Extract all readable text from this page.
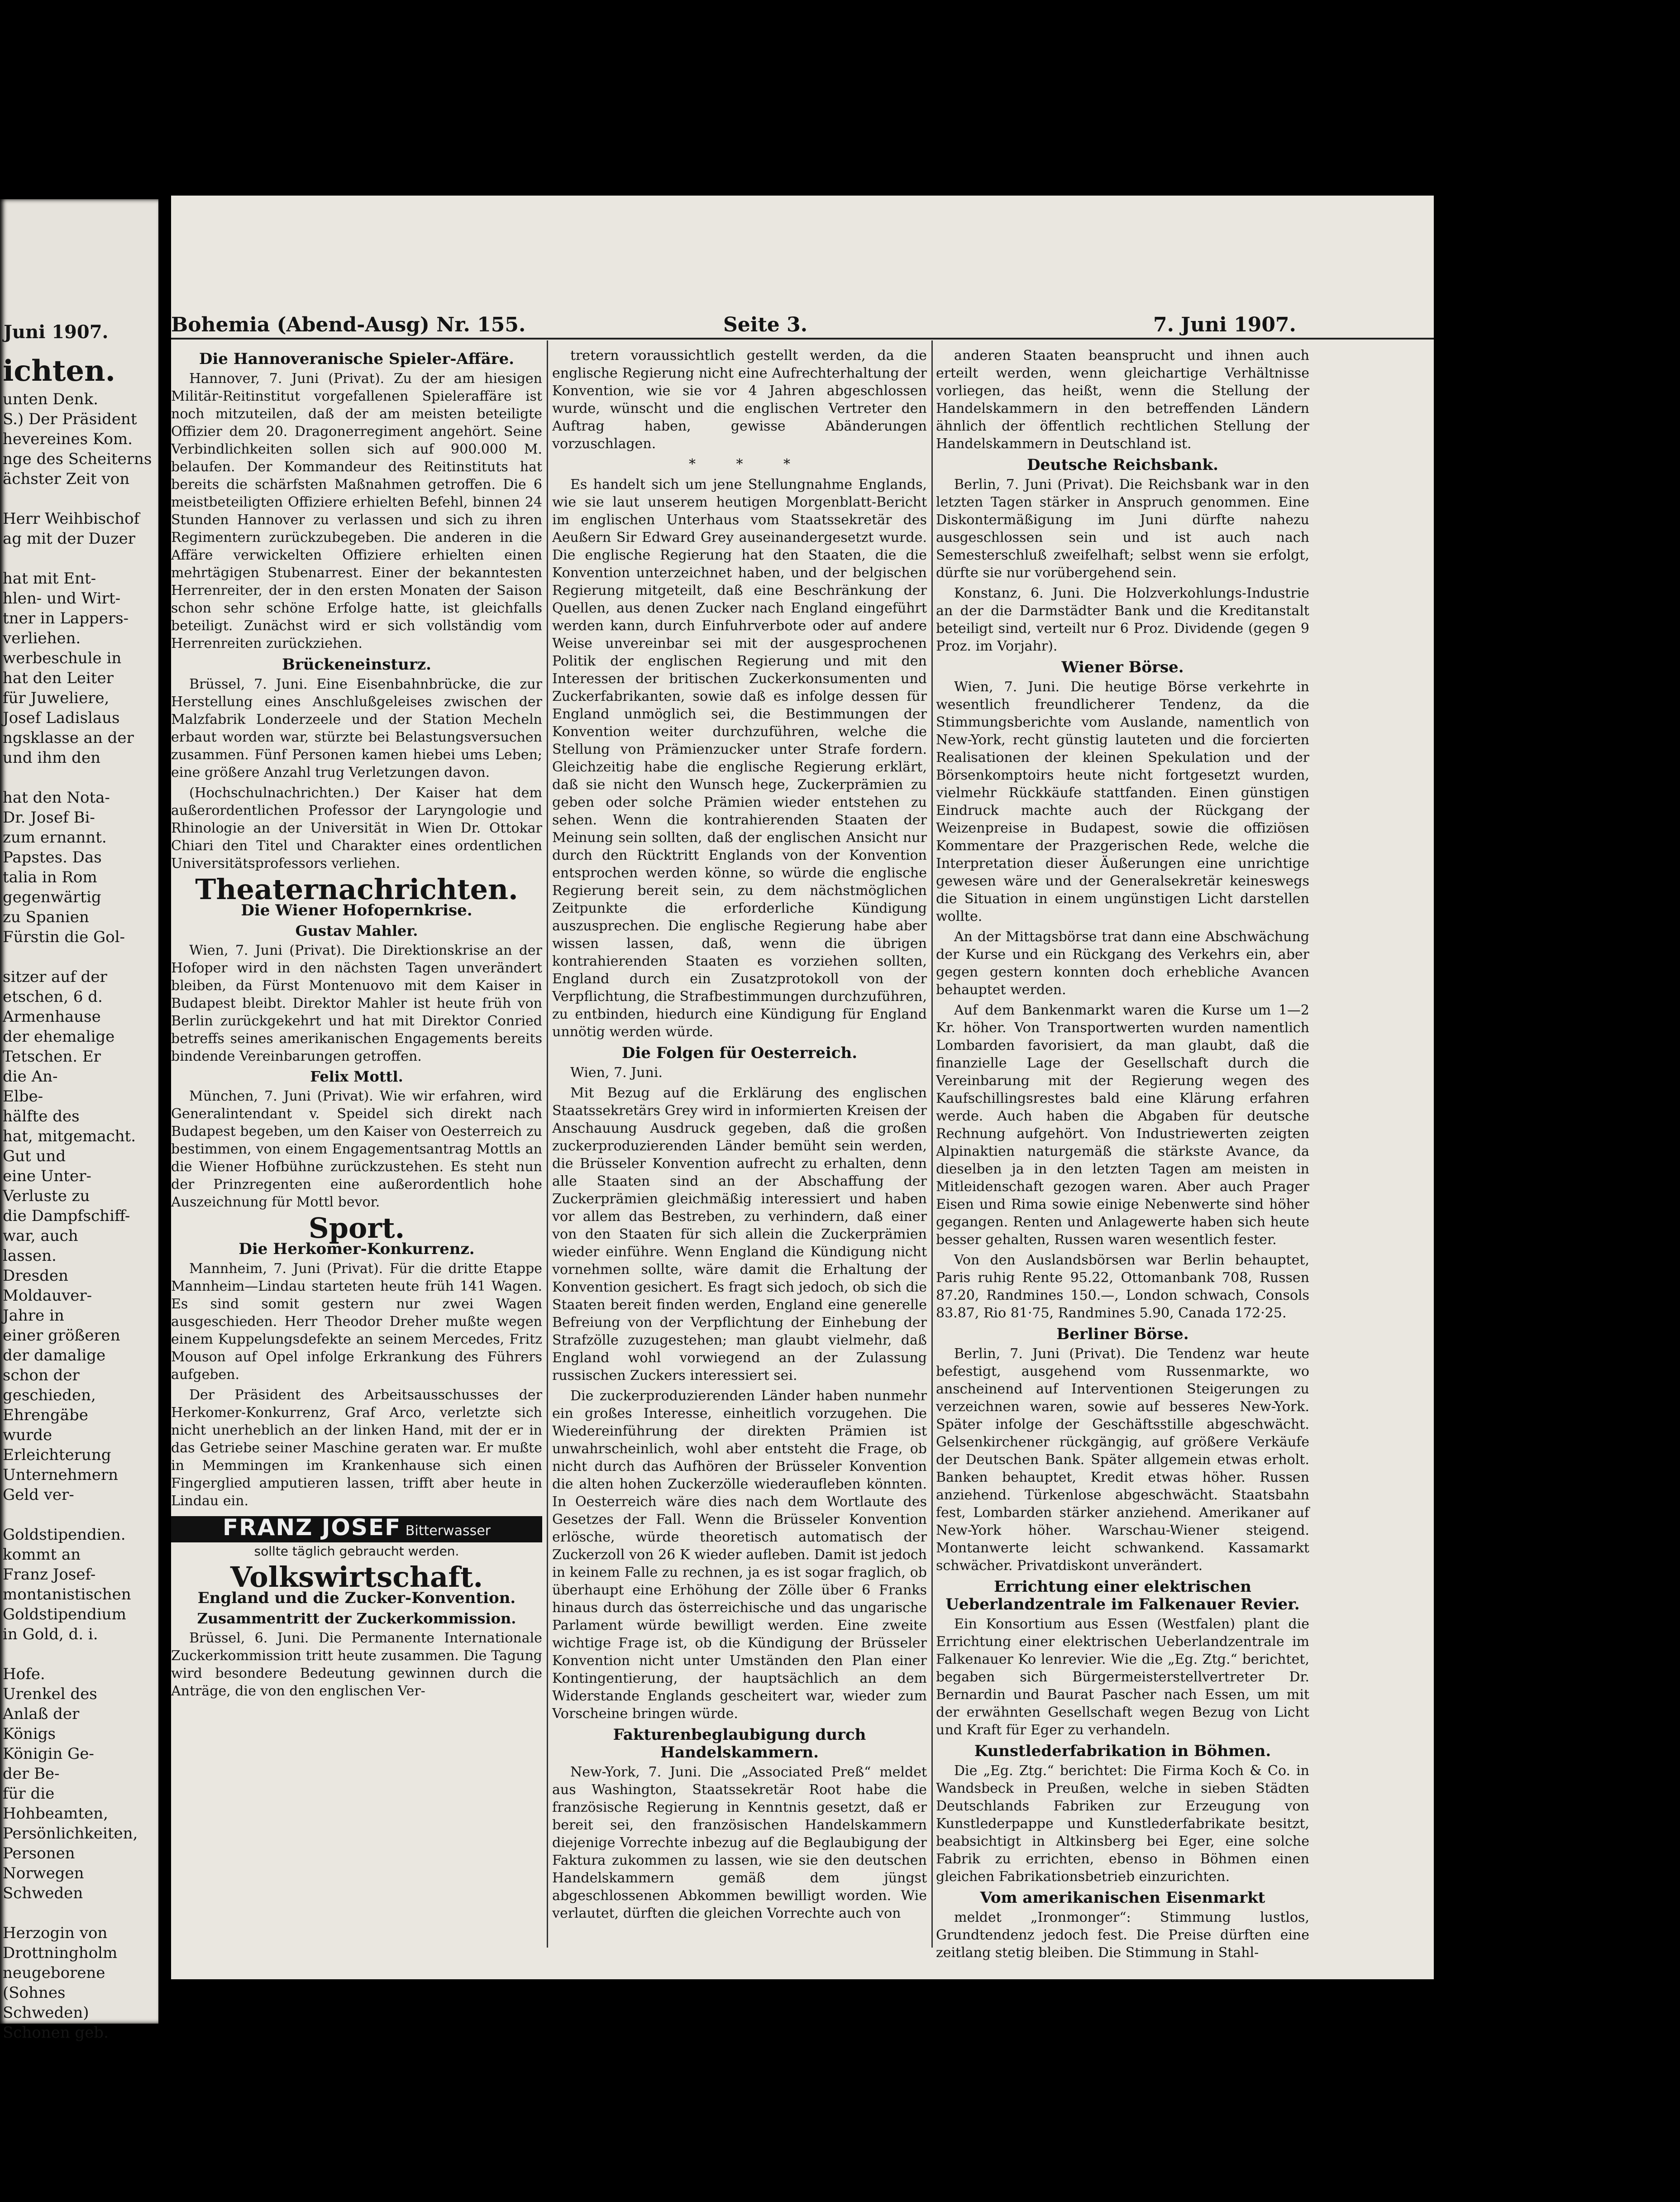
Juni 1907.
ichten.
unten Denk.
S.) Der Präsident
hevereines Kom.
nge des Scheiterns
ächster Zeit von

Herr Weihbischof
ag mit der Duzer

hat mit Ent-
hlen- und Wirt-
tner in Lappers-
verliehen.
werbeschule in
hat den Leiter
für Juweliere,
Josef Ladislaus
ngsklasse an der
und ihm den

hat den Nota-
Dr. Josef Bi-
zum ernannt.
Papstes. Das
talia in Rom
gegenwärtig
zu Spanien
Fürstin die Gol-

sitzer auf der
etschen, 6 d.
Armenhause
der ehemalige
Tetschen. Er
die An-
Elbe-
hälfte des
hat, mitgemacht.
Gut und
eine Unter-
Verluste zu
die Dampfschiff-
war, auch
lassen.
Dresden
Moldauver-
Jahre in
einer größeren
der damalige
schon der
geschieden,
Ehrengäbe
wurde
Erleichterung
Unternehmern
Geld ver-

Goldstipendien.
kommt an
Franz Josef-
montanistischen
Goldstipendium
in Gold, d. i.

Hofe.
Urenkel des
Anlaß der
Königs
Königin Ge-
der Be-
für die
Hohbeamten,
Persönlichkeiten,
Personen
Norwegen
Schweden

Herzogin von
Drottningholm
neugeborene
(Sohnes
Schweden)
Schonen geb.
Bohemia (Abend-Ausg) Nr. 155.	Seite 3.	7. Juni 1907.
Die Hannoveranische Spieler-Affäre.

Hannover, 7. Juni (Privat). Zu der am hiesigen Militär-Reitinstitut vorgefallenen Spieleraffäre ist noch mitzuteilen, daß der am meisten beteiligte Offizier dem 20. Dragonerregiment angehört. Seine Verbindlichkeiten sollen sich auf 900.000 M. belaufen. Der Kommandeur des Reitinstituts hat bereits die schärfsten Maßnahmen getroffen. Die 6 meistbeteiligten Offiziere erhielten Befehl, binnen 24 Stunden Hannover zu verlassen und sich zu ihren Regimentern zurückzubegeben. Die anderen in die Affäre verwickelten Offiziere erhielten einen mehrtägigen Stubenarrest. Einer der bekanntesten Herrenreiter, der in den ersten Monaten der Saison schon sehr schöne Erfolge hatte, ist gleichfalls beteiligt. Zunächst wird er sich vollständig vom Herrenreiten zurückziehen.

Brückeneinsturz.

Brüssel, 7. Juni. Eine Eisenbahnbrücke, die zur Herstellung eines Anschlußgeleises zwischen der Malzfabrik Londerzeele und der Station Mecheln erbaut worden war, stürzte bei Belastungsversuchen zusammen. Fünf Personen kamen hiebei ums Leben; eine größere Anzahl trug Verletzungen davon.

(Hochschulnachrichten.) Der Kaiser hat dem außerordentlichen Professor der Laryngologie und Rhinologie an der Universität in Wien Dr. Ottokar Chiari den Titel und Charakter eines ordentlichen Universitätsprofessors verliehen.

Theaternachrichten.
Die Wiener Hofopernkrise.
Gustav Mahler.

Wien, 7. Juni (Privat). Die Direktionskrise an der Hofoper wird in den nächsten Tagen unverändert bleiben, da Fürst Montenuovo mit dem Kaiser in Budapest bleibt. Direktor Mahler ist heute früh von Berlin zurückgekehrt und hat mit Direktor Conried betreffs seines amerikanischen Engagements bereits bindende Vereinbarungen getroffen.

Felix Mottl.

München, 7. Juni (Privat). Wie wir erfahren, wird Generalintendant v. Speidel sich direkt nach Budapest begeben, um den Kaiser von Oesterreich zu bestimmen, von einem Engagementsantrag Mottls an die Wiener Hofbühne zurückzustehen. Es steht nun der Prinzregenten eine außerordentlich hohe Auszeichnung für Mottl bevor.

Sport.
Die Herkomer-Konkurrenz.

Mannheim, 7. Juni (Privat). Für die dritte Etappe Mannheim—Lindau starteten heute früh 141 Wagen. Es sind somit gestern nur zwei Wagen ausgeschieden. Herr Theodor Dreher mußte wegen einem Kuppelungsdefekte an seinem Mercedes, Fritz Mouson auf Opel infolge Erkrankung des Führers aufgeben.

Der Präsident des Arbeitsausschusses der Herkomer-Konkurrenz, Graf Arco, verletzte sich nicht unerheblich an der linken Hand, mit der er in das Getriebe seiner Maschine geraten war. Er mußte in Memmingen im Krankenhause sich einen Fingerglied amputieren lassen, trifft aber heute in Lindau ein.

FRANZ JOSEF Bitterwasser
sollte täglich gebraucht werden.
Volkswirtschaft.
England und die Zucker-Konvention.
Zusammentritt der Zuckerkommission.

Brüssel, 6. Juni. Die Permanente Internationale Zuckerkommission tritt heute zusammen. Die Tagung wird besondere Bedeutung gewinnen durch die Anträge, die von den englischen Ver-

tretern voraussichtlich gestellt werden, da die englische Regierung nicht eine Aufrechterhaltung der Konvention, wie sie vor 4 Jahren abgeschlossen wurde, wünscht und die englischen Vertreter den Auftrag haben, gewisse Abänderungen vorzuschlagen.

* * *

Es handelt sich um jene Stellungnahme Englands, wie sie laut unserem heutigen Morgenblatt-Bericht im englischen Unterhaus vom Staatssekretär des Aeußern Sir Edward Grey auseinandergesetzt wurde. Die englische Regierung hat den Staaten, die die Konvention unterzeichnet haben, und der belgischen Regierung mitgeteilt, daß eine Beschränkung der Quellen, aus denen Zucker nach England eingeführt werden kann, durch Einfuhrverbote oder auf andere Weise unvereinbar sei mit der ausgesprochenen Politik der englischen Regierung und mit den Interessen der britischen Zuckerkonsumenten und Zuckerfabrikanten, sowie daß es infolge dessen für England unmöglich sei, die Bestimmungen der Konvention weiter durchzuführen, welche die Stellung von Prämienzucker unter Strafe fordern. Gleichzeitig habe die englische Regierung erklärt, daß sie nicht den Wunsch hege, Zuckerprämien zu geben oder solche Prämien wieder entstehen zu sehen. Wenn die kontrahierenden Staaten der Meinung sein sollten, daß der englischen Ansicht nur durch den Rücktritt Englands von der Konvention entsprochen werden könne, so würde die englische Regierung bereit sein, zu dem nächstmöglichen Zeitpunkte die erforderliche Kündigung auszusprechen. Die englische Regierung habe aber wissen lassen, daß, wenn die übrigen kontrahierenden Staaten es vorziehen sollten, England durch ein Zusatzprotokoll von der Verpflichtung, die Strafbestimmungen durchzuführen, zu entbinden, hiedurch eine Kündigung für England unnötig werden würde.

Die Folgen für Oesterreich.

Wien, 7. Juni.

Mit Bezug auf die Erklärung des englischen Staatssekretärs Grey wird in informierten Kreisen der Anschauung Ausdruck gegeben, daß die großen zuckerproduzierenden Länder bemüht sein werden, die Brüsseler Konvention aufrecht zu erhalten, denn alle Staaten sind an der Abschaffung der Zuckerprämien gleichmäßig interessiert und haben vor allem das Bestreben, zu verhindern, daß einer von den Staaten für sich allein die Zuckerprämien wieder einführe. Wenn England die Kündigung nicht vornehmen sollte, wäre damit die Erhaltung der Konvention gesichert. Es fragt sich jedoch, ob sich die Staaten bereit finden werden, England eine generelle Befreiung von der Verpflichtung der Einhebung der Strafzölle zuzugestehen; man glaubt vielmehr, daß England wohl vorwiegend an der Zulassung russischen Zuckers interessiert sei.

Die zuckerproduzierenden Länder haben nunmehr ein großes Interesse, einheitlich vorzugehen. Die Wiedereinführung der direkten Prämien ist unwahrscheinlich, wohl aber entsteht die Frage, ob nicht durch das Aufhören der Brüsseler Konvention die alten hohen Zuckerzölle wiederaufleben könnten. In Oesterreich wäre dies nach dem Wortlaute des Gesetzes der Fall. Wenn die Brüsseler Konvention erlösche, würde theoretisch automatisch der Zuckerzoll von 26 K wieder aufleben. Damit ist jedoch in keinem Falle zu rechnen, ja es ist sogar fraglich, ob überhaupt eine Erhöhung der Zölle über 6 Franks hinaus durch das österreichische und das ungarische Parlament würde bewilligt werden. Eine zweite wichtige Frage ist, ob die Kündigung der Brüsseler Konvention nicht unter Umständen den Plan einer Kontingentierung, der hauptsächlich an dem Widerstande Englands gescheitert war, wieder zum Vorscheine bringen würde.

Fakturenbeglaubigung durch Handelskammern.

New-York, 7. Juni. Die „Associated Preß“ meldet aus Washington, Staatssekretär Root habe die französische Regierung in Kenntnis gesetzt, daß er bereit sei, den französischen Handelskammern diejenige Vorrechte inbezug auf die Beglaubigung der Faktura zukommen zu lassen, wie sie den deutschen Handelskammern gemäß dem jüngst abgeschlossenen Abkommen bewilligt worden. Wie verlautet, dürften die gleichen Vorrechte auch von

anderen Staaten beansprucht und ihnen auch erteilt werden, wenn gleichartige Verhältnisse vorliegen, das heißt, wenn die Stellung der Handelskammern in den betreffenden Ländern ähnlich der öffentlich rechtlichen Stellung der Handelskammern in Deutschland ist.

Deutsche Reichsbank.

Berlin, 7. Juni (Privat). Die Reichsbank war in den letzten Tagen stärker in Anspruch genommen. Eine Diskontermäßigung im Juni dürfte nahezu ausgeschlossen sein und ist auch nach Semesterschluß zweifelhaft; selbst wenn sie erfolgt, dürfte sie nur vorübergehend sein.

Konstanz, 6. Juni. Die Holzverkohlungs-Industrie an der die Darmstädter Bank und die Kreditanstalt beteiligt sind, verteilt nur 6 Proz. Dividende (gegen 9 Proz. im Vorjahr).

Wiener Börse.

Wien, 7. Juni. Die heutige Börse verkehrte in wesentlich freundlicherer Tendenz, da die Stimmungsberichte vom Auslande, namentlich von New-York, recht günstig lauteten und die forcierten Realisationen der kleinen Spekulation und der Börsenkomptoirs heute nicht fortgesetzt wurden, vielmehr Rückkäufe stattfanden. Einen günstigen Eindruck machte auch der Rückgang der Weizenpreise in Budapest, sowie die offiziösen Kommentare der Prazgerischen Rede, welche die Interpretation dieser Äußerungen eine unrichtige gewesen wäre und der Generalsekretär keineswegs die Situation in einem ungünstigen Licht darstellen wollte.

An der Mittagsbörse trat dann eine Abschwächung der Kurse und ein Rückgang des Verkehrs ein, aber gegen gestern konnten doch erhebliche Avancen behauptet werden.

Auf dem Bankenmarkt waren die Kurse um 1—2 Kr. höher. Von Transportwerten wurden namentlich Lombarden favorisiert, da man glaubt, daß die finanzielle Lage der Gesellschaft durch die Vereinbarung mit der Regierung wegen des Kaufschillingsrestes bald eine Klärung erfahren werde. Auch haben die Abgaben für deutsche Rechnung aufgehört. Von Industriewerten zeigten Alpinaktien naturgemäß die stärkste Avance, da dieselben ja in den letzten Tagen am meisten in Mitleidenschaft gezogen waren. Aber auch Prager Eisen und Rima sowie einige Nebenwerte sind höher gegangen. Renten und Anlagewerte haben sich heute besser gehalten, Russen waren wesentlich fester.

Von den Auslandsbörsen war Berlin behauptet, Paris ruhig Rente 95.22, Ottomanbank 708, Russen 87.20, Randmines 150.—, London schwach, Consols 83.87, Rio 81·75, Randmines 5.90, Canada 172·25.

Berliner Börse.

Berlin, 7. Juni (Privat). Die Tendenz war heute befestigt, ausgehend vom Russenmarkte, wo anscheinend auf Interventionen Steigerungen zu verzeichnen waren, sowie auf besseres New-York. Später infolge der Geschäftsstille abgeschwächt. Gelsenkirchener rückgängig, auf größere Verkäufe der Deutschen Bank. Später allgemein etwas erholt. Banken behauptet, Kredit etwas höher. Russen anziehend. Türkenlose abgeschwächt. Staatsbahn fest, Lombarden stärker anziehend. Amerikaner auf New-York höher. Warschau-Wiener steigend. Montanwerte leicht schwankend. Kassamarkt schwächer. Privatdiskont unverändert.

Errichtung einer elektrischen Ueberlandzentrale im Falkenauer Revier.

Ein Konsortium aus Essen (Westfalen) plant die Errichtung einer elektrischen Ueberlandzentrale im Falkenauer Ko lenrevier. Wie die „Eg. Ztg.“ berichtet, begaben sich Bürgermeisterstellvertreter Dr. Bernardin und Baurat Pascher nach Essen, um mit der erwähnten Gesellschaft wegen Bezug von Licht und Kraft für Eger zu verhandeln.

Kunstlederfabrikation in Böhmen.

Die „Eg. Ztg.“ berichtet: Die Firma Koch & Co. in Wandsbeck in Preußen, welche in sieben Städten Deutschlands Fabriken zur Erzeugung von Kunstlederpappe und Kunstlederfabrikate besitzt, beabsichtigt in Altkinsberg bei Eger, eine solche Fabrik zu errichten, ebenso in Böhmen einen gleichen Fabrikationsbetrieb einzurichten.

Vom amerikanischen Eisenmarkt

meldet „Ironmonger“: Stimmung lustlos, Grundtendenz jedoch fest. Die Preise dürften eine zeitlang stetig bleiben. Die Stimmung in Stahl-
